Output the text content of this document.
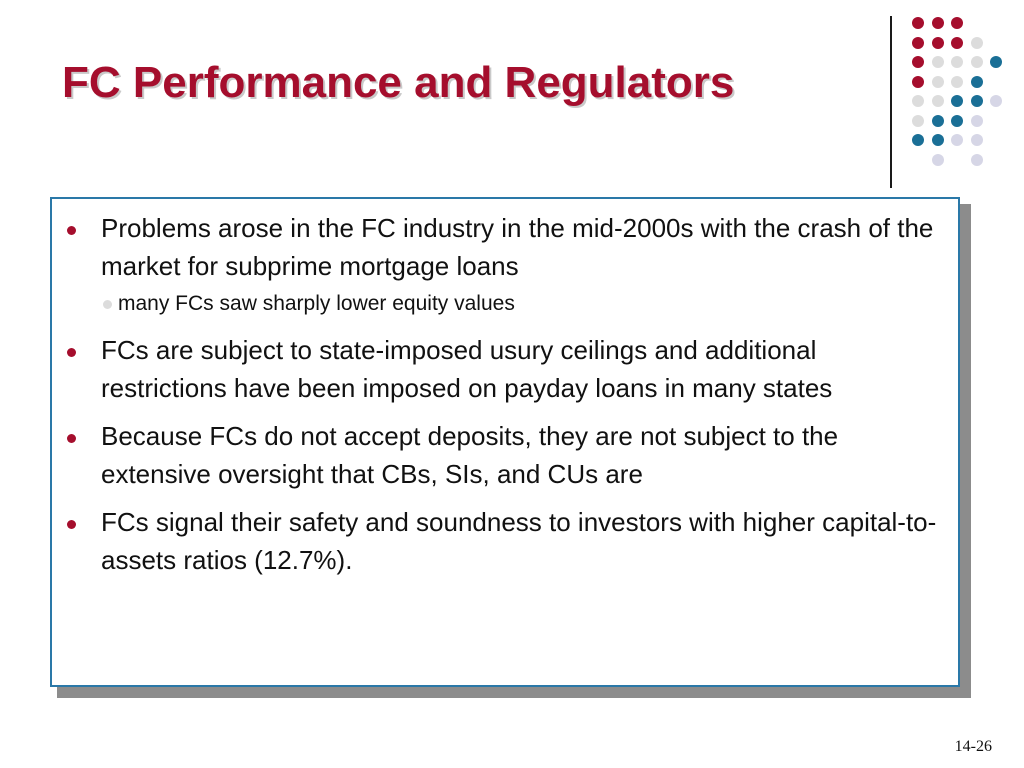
FC Performance and Regulators
Problems arose in the FC industry in the mid-2000s with the crash of the market for subprime mortgage loans
many FCs saw sharply lower equity values
FCs are subject to state-imposed usury ceilings and additional restrictions have been imposed on payday loans in many states
Because FCs do not accept deposits, they are not subject to the extensive oversight that CBs, SIs, and CUs are
FCs signal their safety and soundness to investors with higher capital-to-assets ratios (12.7%).
14-26
